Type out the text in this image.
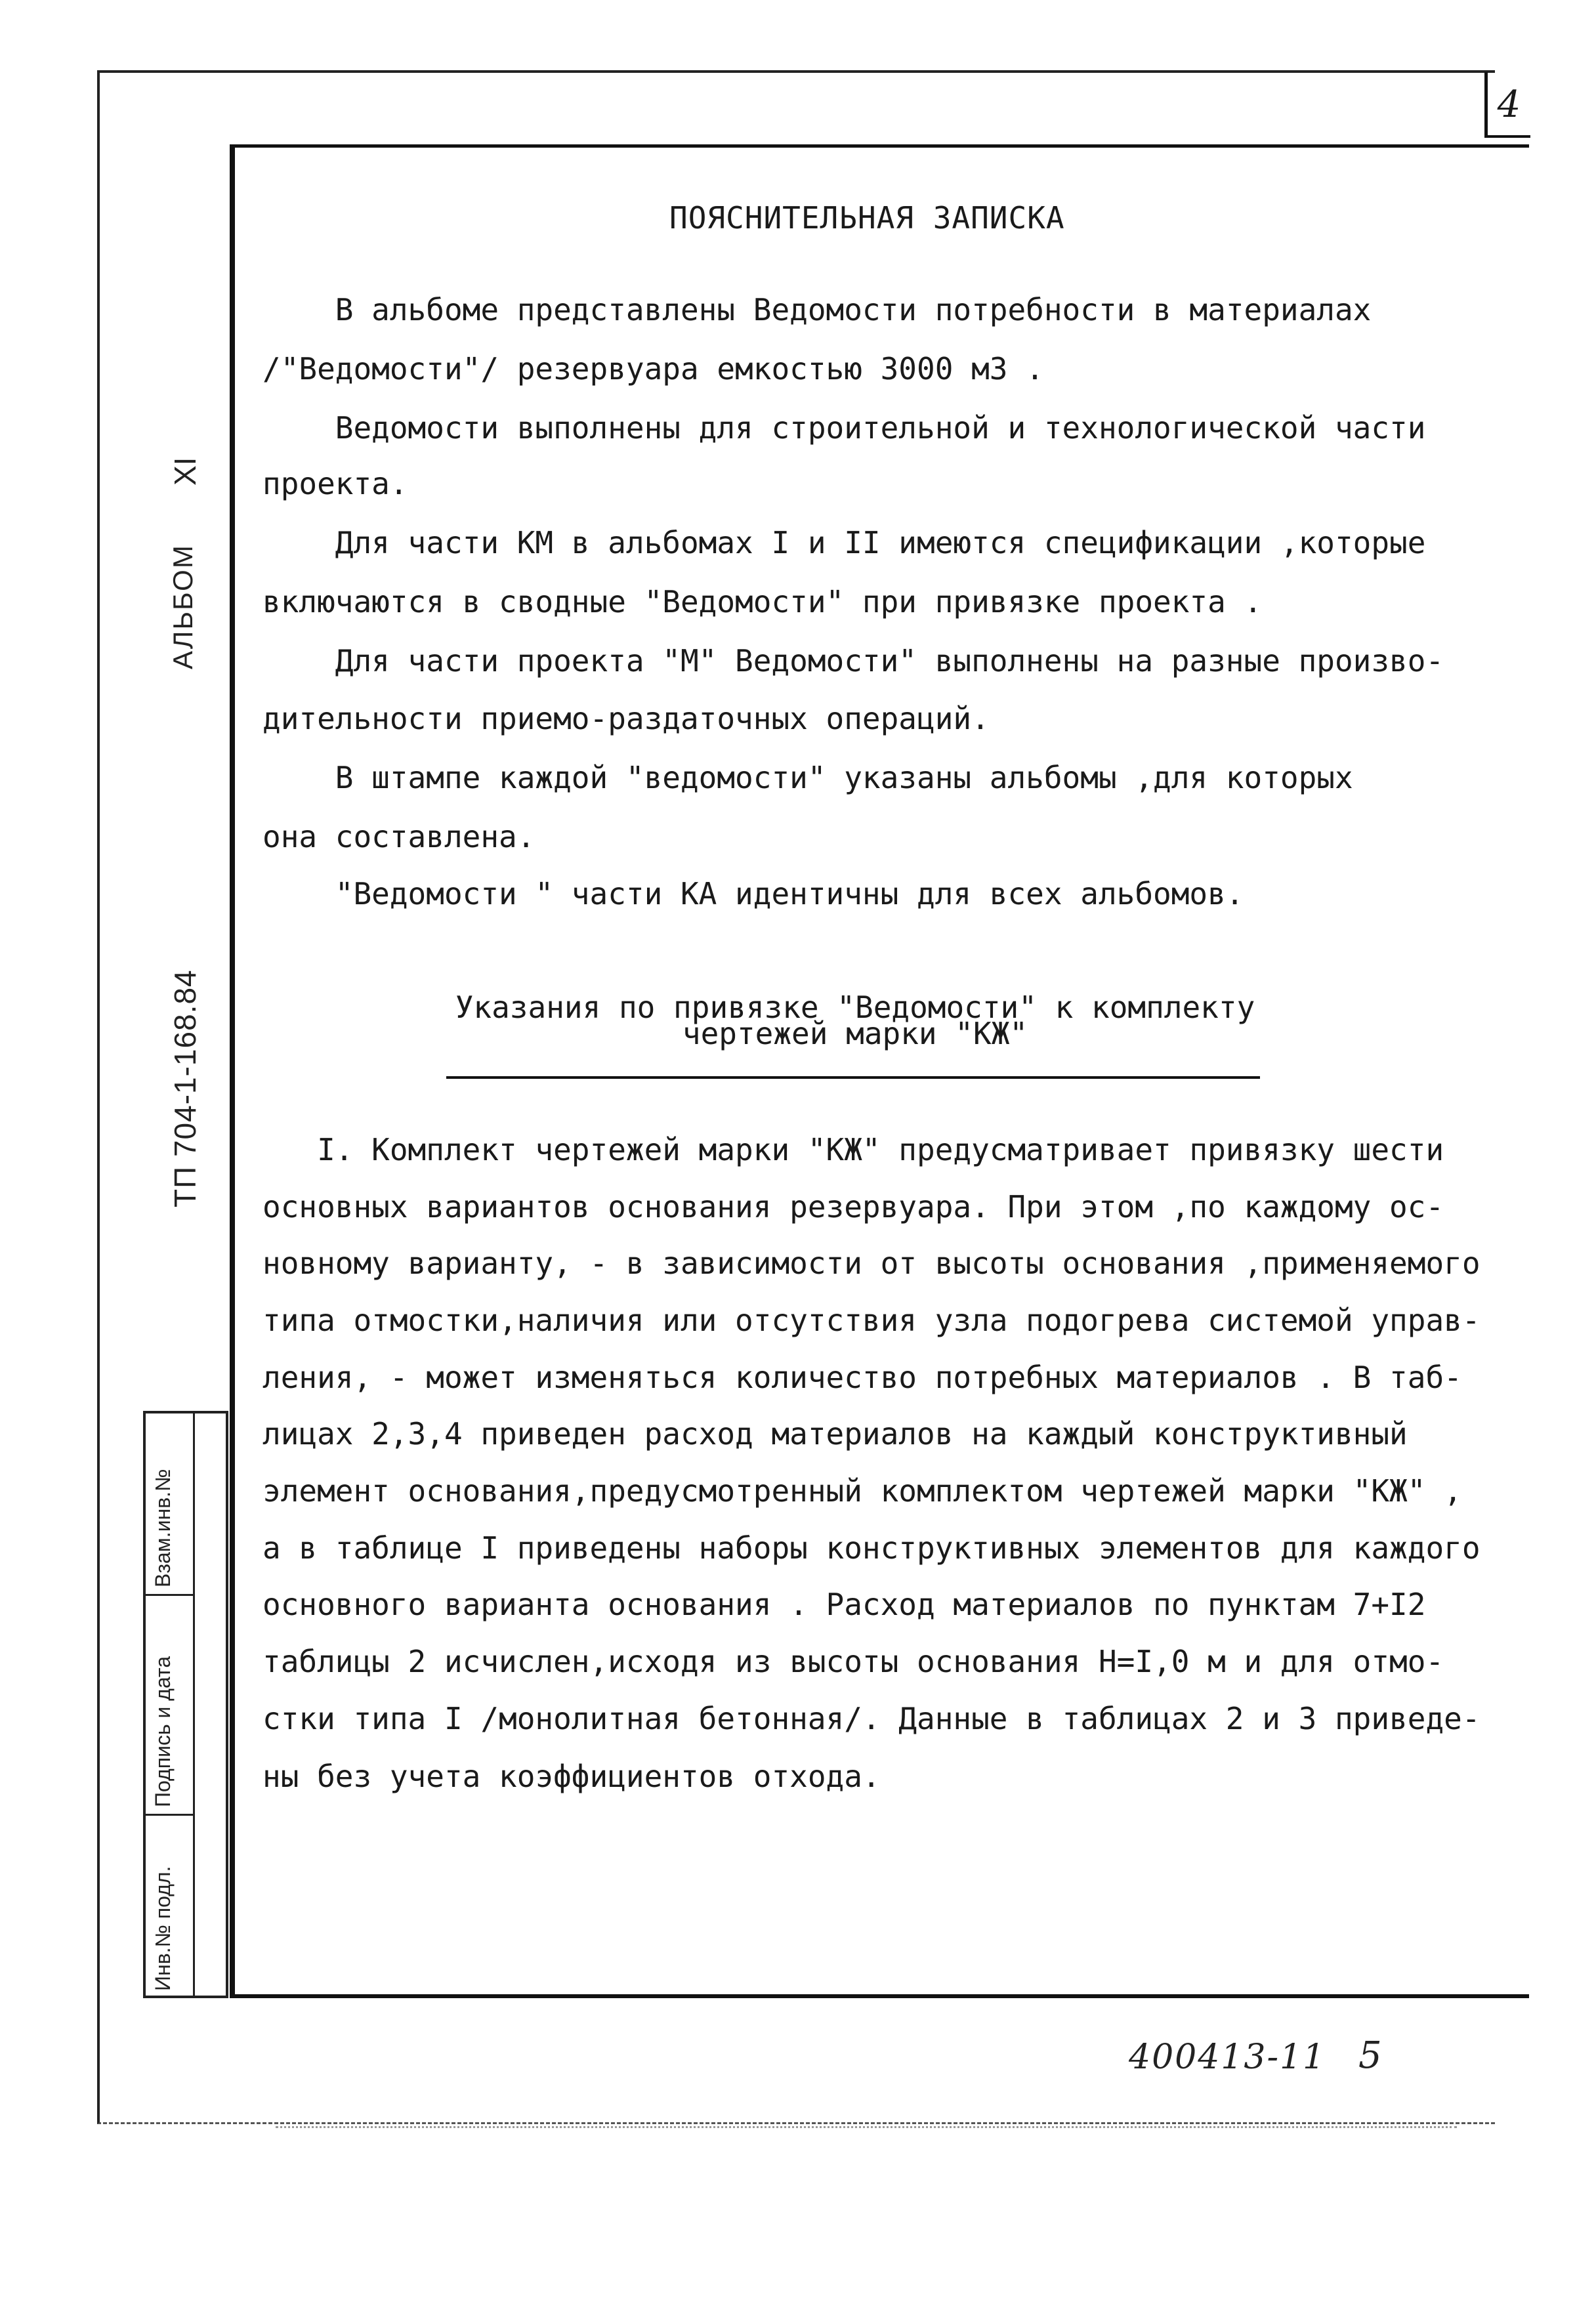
4
ТП 704-1-168.84
АЛЬБОМ
XI
Взам.инв.№
Подпись и дата
Инв.№ подл.
ПОЯСНИТЕЛЬНАЯ ЗАПИСКА
В альбоме представлены Ведомости потребности в материалах
/"Ведомости"/ резервуара емкостью 3000 м3 .
Ведомости выполнены для строительной и технологической части
проекта.
Для части КМ в альбомах I и II имеются спецификации ,которые
включаются в сводные "Ведомости" при привязке проекта .
Для части проекта "М" Ведомости" выполнены на разные произво-
дительности приемо-раздаточных операций.
В штампе каждой "ведомости" указаны альбомы ,для которых
она составлена.
"Ведомости " части КА идентичны для всех альбомов.
Указания по привязке "Ведомости" к комплекту
чертежей марки "КЖ"
I. Комплект чертежей марки "КЖ" предусматривает привязку шести
основных вариантов основания резервуара. При этом ,по каждому ос-
новному варианту, - в зависимости от высоты основания ,применяемого
типа отмостки,наличия или отсутствия узла подогрева системой управ-
ления, - может изменяться количество потребных материалов . В таб-
лицах 2,3,4 приведен расход материалов на каждый конструктивный
элемент основания,предусмотренный комплектом чертежей марки "КЖ" ,
а в таблице I приведены наборы конструктивных элементов для каждого
основного варианта основания . Расход материалов по пунктам 7+I2
таблицы 2 исчислен,исходя из высоты основания Н=I,0 м и для отмо-
стки типа I /монолитная бетонная/. Данные в таблицах 2 и 3 приведе-
ны без учета коэффициентов отхода.
400413-11 5
